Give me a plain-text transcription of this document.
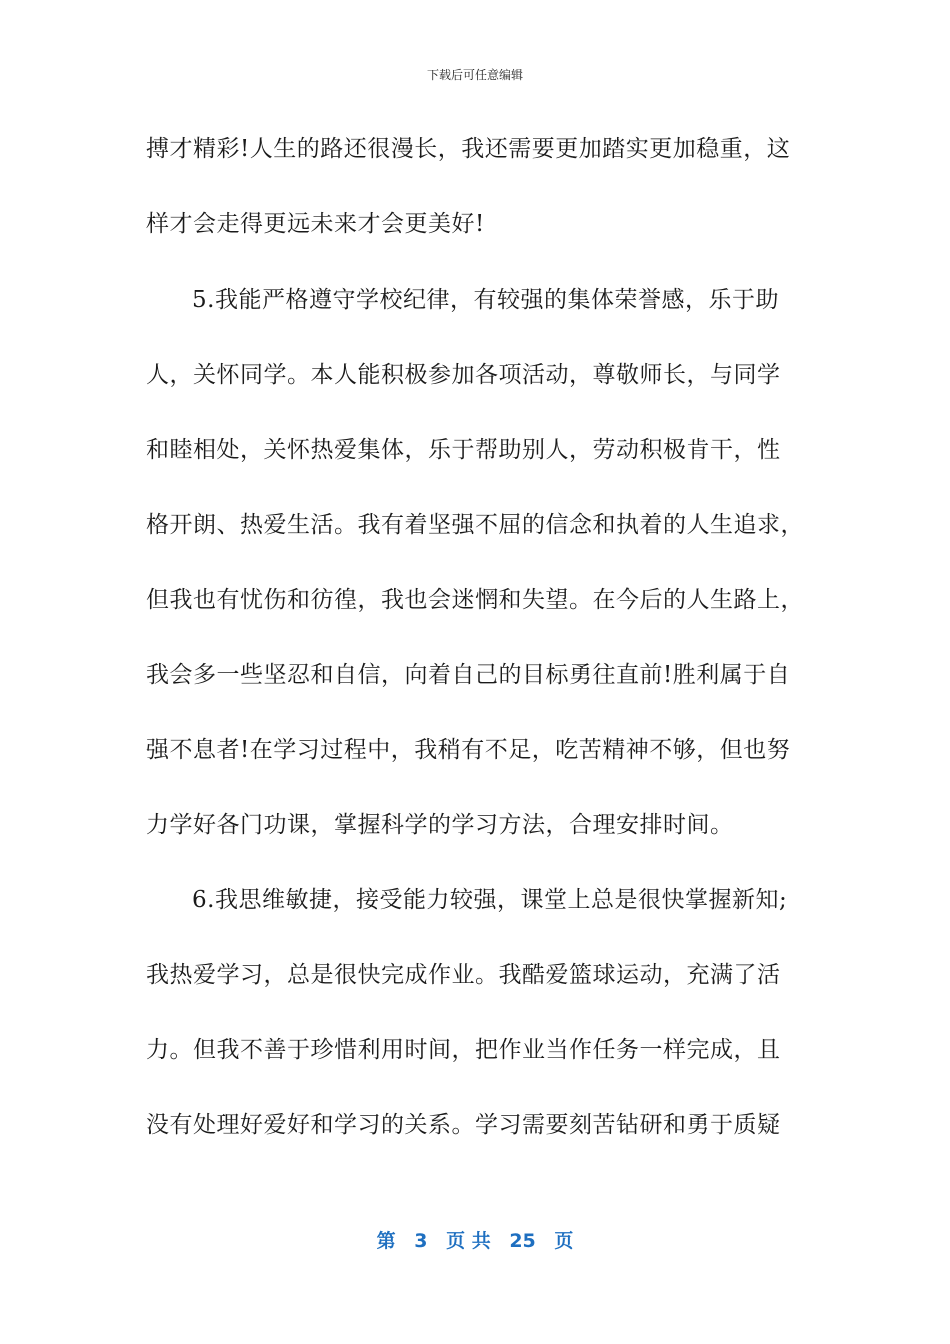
下载后可任意编辑
搏才精彩!人生的路还很漫长，我还需要更加踏实更加稳重，这
样才会走得更远未来才会更美好!
5.我能严格遵守学校纪律，有较强的集体荣誉感，乐于助
人，关怀同学。本人能积极参加各项活动，尊敬师长，与同学
和睦相处，关怀热爱集体，乐于帮助别人，劳动积极肯干，性
格开朗、热爱生活。我有着坚强不屈的信念和执着的人生追求，
但我也有忧伤和彷徨，我也会迷惘和失望。在今后的人生路上，
我会多一些坚忍和自信，向着自己的目标勇往直前!胜利属于自
强不息者!在学习过程中，我稍有不足，吃苦精神不够，但也努
力学好各门功课，掌握科学的学习方法，合理安排时间。
6.我思维敏捷，接受能力较强，课堂上总是很快掌握新知;
我热爱学习，总是很快完成作业。我酷爱篮球运动，充满了活
力。但我不善于珍惜利用时间，把作业当作任务一样完成，且
没有处理好爱好和学习的关系。学习需要刻苦钻研和勇于质疑
第 3 页 共 25 页
